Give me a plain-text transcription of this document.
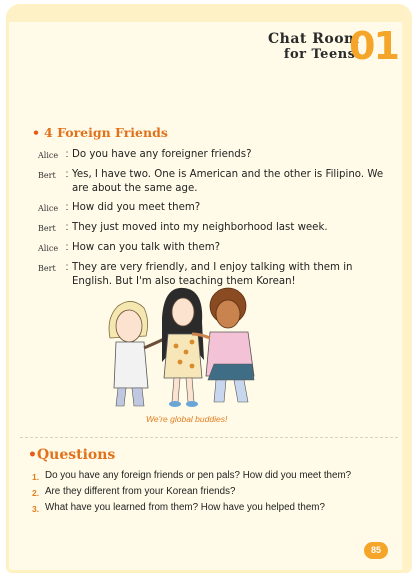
Chat Room
for Teens
01
• 4 Foreign Friends
Alice : Do you have any foreigner friends?
Bert : Yes, I have two. One is American and the other is Filipino. We are about the same age.
Alice : How did you meet them?
Bert : They just moved into my neighborhood last week.
Alice : How can you talk with them?
Bert : They are very friendly, and I enjoy talking with them in English. But I'm also teaching them Korean!
We're global buddies!
•Questions
1. Do you have any foreign friends or pen pals? How did you meet them?
2. Are they different from your Korean friends?
3. What have you learned from them? How have you helped them?
85
